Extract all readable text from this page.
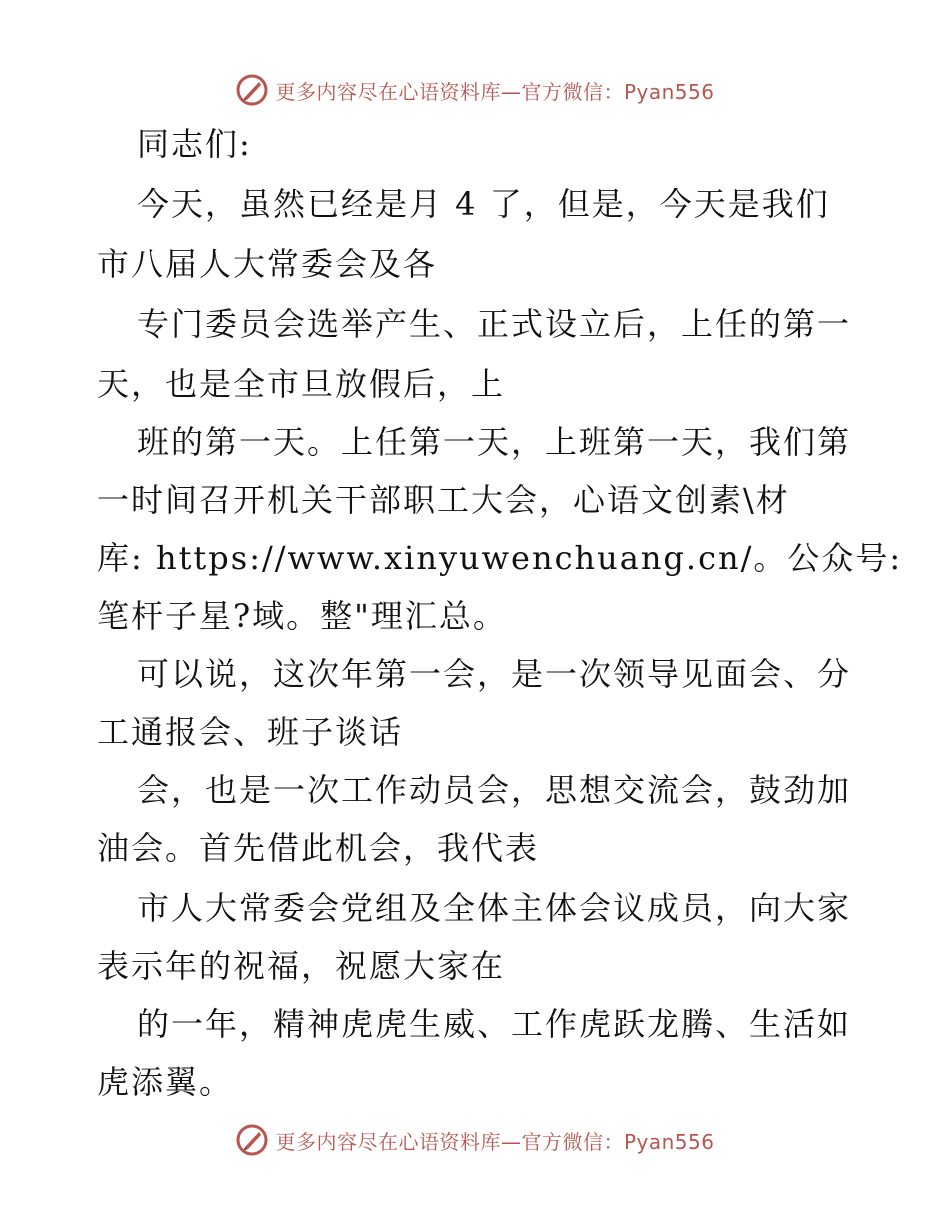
更多内容尽在心语资料库—官方微信：Pyan556
同志们:
今天，虽然已经是月 4 了，但是，今天是我们
市八届人大常委会及各
专门委员会选举产生、正式设立后，上任的第一
天，也是全市旦放假后，上
班的第一天。上任第一天，上班第一天，我们第
一时间召开机关干部职工大会，心语文创素\材
库: https://www.xinyuwenchuang.cn/。公众号:
笔杆子星?域。整"理汇总。
可以说，这次年第一会，是一次领导见面会、分
工通报会、班子谈话
会，也是一次工作动员会，思想交流会，鼓劲加
油会。首先借此机会，我代表
市人大常委会党组及全体主体会议成员，向大家
表示年的祝福，祝愿大家在
的一年，精神虎虎生威、工作虎跃龙腾、生活如
虎添翼。
更多内容尽在心语资料库—官方微信：Pyan556
